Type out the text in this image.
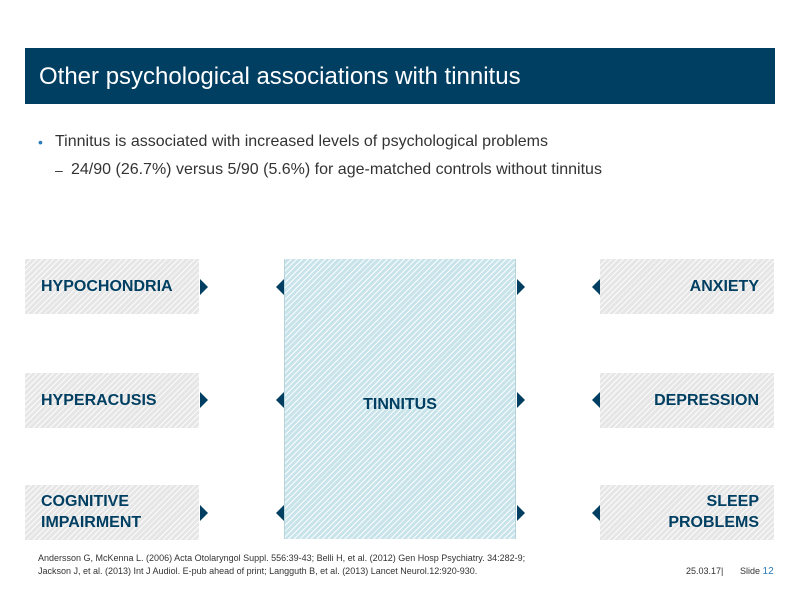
Other psychological associations with tinnitus
• Tinnitus is associated with increased levels of psychological problems
– 24/90 (26.7%) versus 5/90 (5.6%) for age-matched controls without tinnitus
HYPOCHONDRIA
HYPERACUSIS
COGNITIVE
IMPAIRMENT
TINNITUS
ANXIETY
DEPRESSION
SLEEP
PROBLEMS
Andersson G, McKenna L. (2006) Acta Otolaryngol Suppl. 556:39-43; Belli H, et al. (2012) Gen Hosp Psychiatry. 34:282-9; Jackson J, et al. (2013) Int J Audiol. E-pub ahead of print; Langguth B, et al. (2013) Lancet Neurol.12:920-930.	25.03.17| Slide 12
